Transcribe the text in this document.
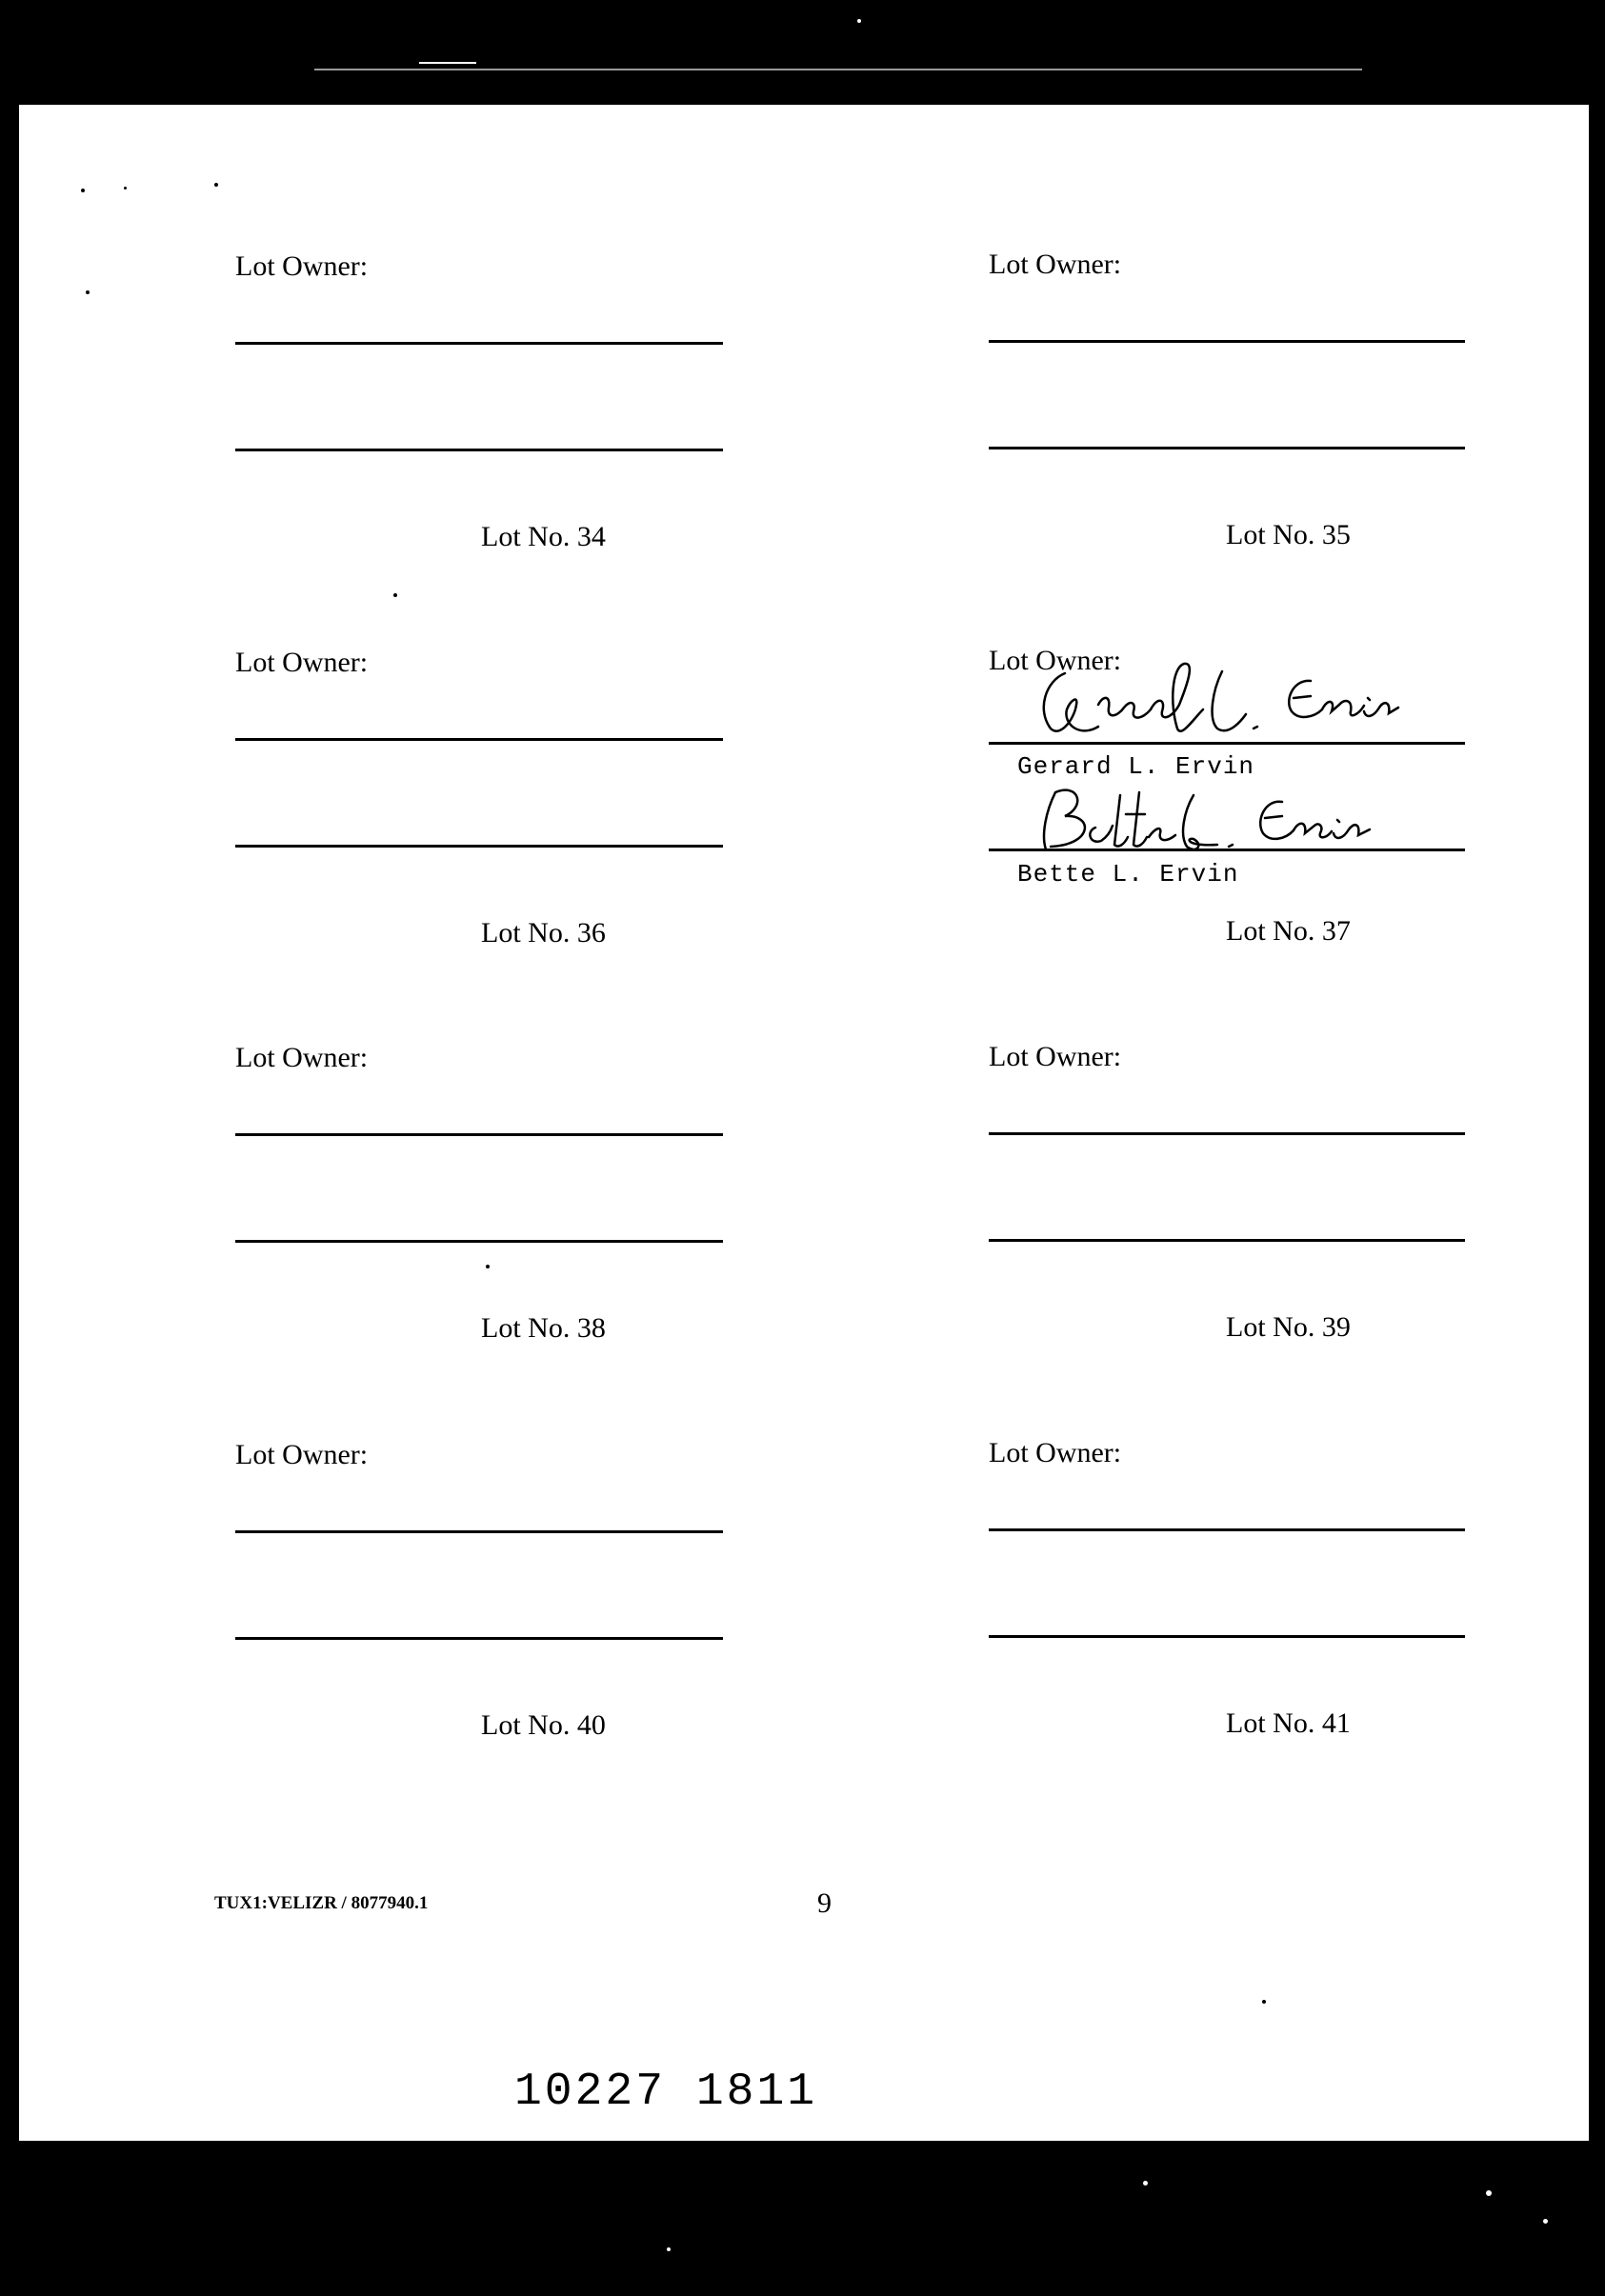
Lot Owner:
Lot No. 34
Lot Owner:
Lot No. 35
Lot Owner:
Lot No. 36
Lot Owner:
Gerard L. Ervin
Bette L. Ervin
Lot No. 37
Lot Owner:
Lot No. 38
Lot Owner:
Lot No. 39
Lot Owner:
Lot No. 40
Lot Owner:
Lot No. 41
TUX1:VELIZR / 8077940.1	9
10227 1811
